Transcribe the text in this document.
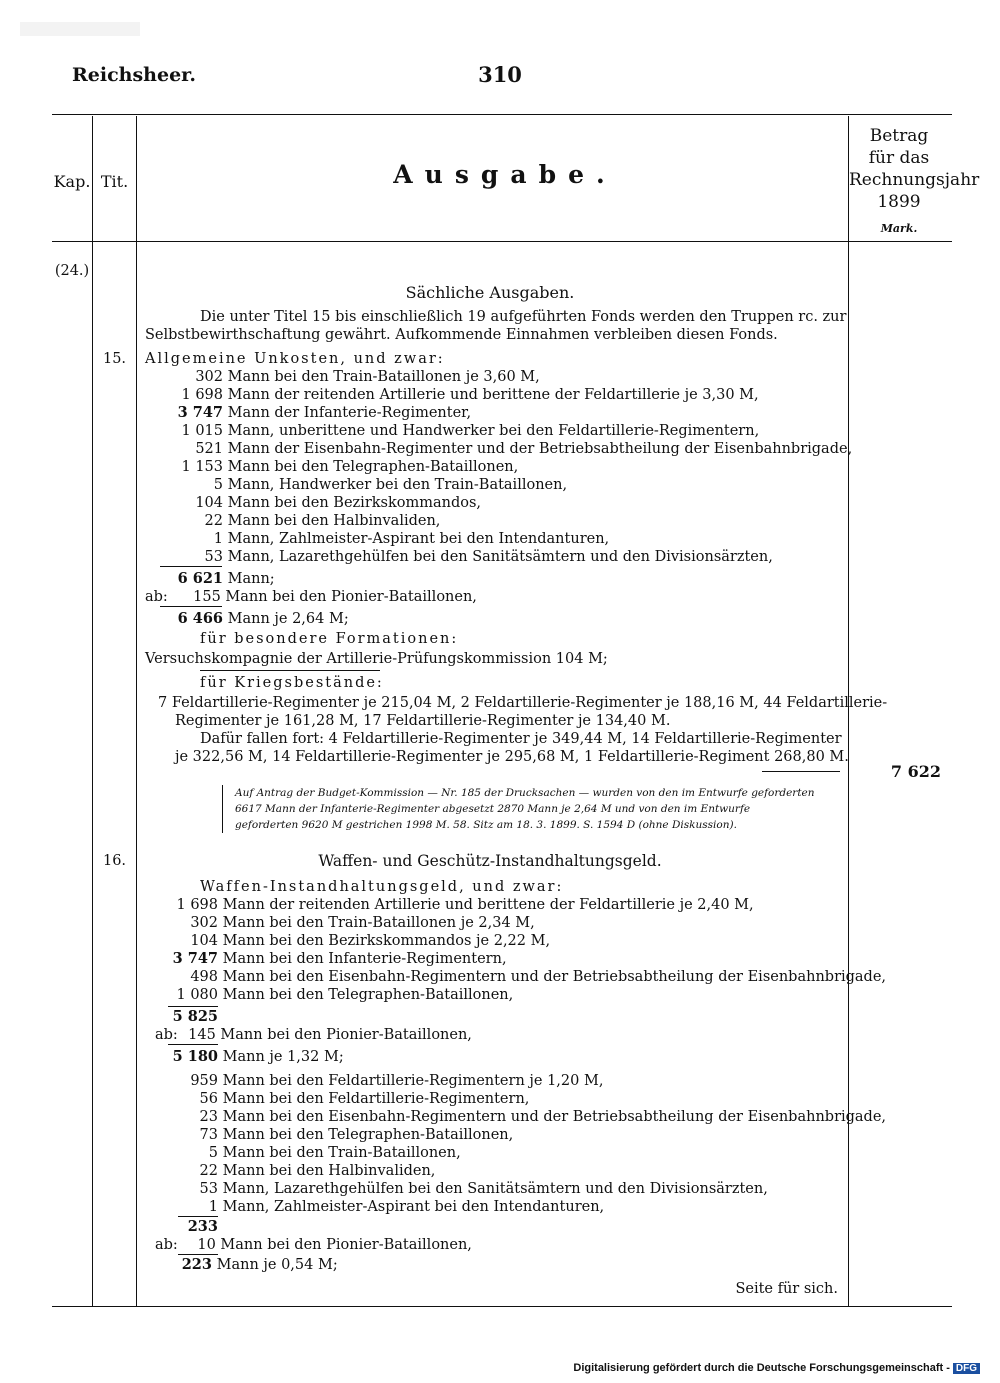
Reichsheer.	310
Kap. Tit.	Ausgabe.
Betrag
für das
Rechnungsjahr
1899
Mark.
(24.)
Sächliche Ausgaben.
Die unter Titel 15 bis einschließlich 19 aufgeführten Fonds werden den Truppen rc. zur
Selbstbewirthschaftung gewährt. Aufkommende Einnahmen verbleiben diesen Fonds.
15.	Allgemeine Unkosten, und zwar:
302 Mann bei den Train-Bataillonen je 3,60 M,
1 698 Mann der reitenden Artillerie und berittene der Feldartillerie je 3,30 M,
3 747 Mann der Infanterie-Regimenter,
1 015 Mann, unberittene und Handwerker bei den Feldartillerie-Regimentern,
521 Mann der Eisenbahn-Regimenter und der Betriebsabtheilung der Eisenbahnbrigade,
1 153 Mann bei den Telegraphen-Bataillonen,
5 Mann, Handwerker bei den Train-Bataillonen,
104 Mann bei den Bezirkskommandos,
22 Mann bei den Halbinvaliden,
1 Mann, Zahlmeister-Aspirant bei den Intendanturen,
53 Mann, Lazarethgehülfen bei den Sanitätsämtern und den Divisionsärzten,
6 621 Mann;
ab: 155 Mann bei den Pionier-Bataillonen,
6 466 Mann je 2,64 M;
für besondere Formationen:
Versuchskompagnie der Artillerie-Prüfungskommission 104 M;
für Kriegsbestände:
7 Feldartillerie-Regimenter je 215,04 M, 2 Feldartillerie-Regimenter je 188,16 M, 44 Feldartillerie-
Regimenter je 161,28 M, 17 Feldartillerie-Regimenter je 134,40 M.
Dafür fallen fort: 4 Feldartillerie-Regimenter je 349,44 M, 14 Feldartillerie-Regimenter
je 322,56 M, 14 Feldartillerie-Regimenter je 295,68 M, 1 Feldartillerie-Regiment 268,80 M.
7 622
Auf Antrag der Budget-Kommission — Nr. 185 der Drucksachen — wurden von den im Entwurfe geforderten
6617 Mann der Infanterie-Regimenter abgesetzt 2870 Mann je 2,64 M und von den im Entwurfe
geforderten 9620 M gestrichen 1998 M. 58. Sitz am 18. 3. 1899. S. 1594 D (ohne Diskussion).
16.	Waffen- und Geschütz-Instandhaltungsgeld.
Waffen-Instandhaltungsgeld, und zwar:
1 698 Mann der reitenden Artillerie und berittene der Feldartillerie je 2,40 M,
302 Mann bei den Train-Bataillonen je 2,34 M,
104 Mann bei den Bezirkskommandos je 2,22 M,
3 747 Mann bei den Infanterie-Regimentern,
498 Mann bei den Eisenbahn-Regimentern und der Betriebsabtheilung der Eisenbahnbrigade,
1 080 Mann bei den Telegraphen-Bataillonen,
5 825
ab: 145 Mann bei den Pionier-Bataillonen,
5 180 Mann je 1,32 M;
959 Mann bei den Feldartillerie-Regimentern je 1,20 M,
56 Mann bei den Feldartillerie-Regimentern,
23 Mann bei den Eisenbahn-Regimentern und der Betriebsabtheilung der Eisenbahnbrigade,
73 Mann bei den Telegraphen-Bataillonen,
5 Mann bei den Train-Bataillonen,
22 Mann bei den Halbinvaliden,
53 Mann, Lazarethgehülfen bei den Sanitätsämtern und den Divisionsärzten,
1 Mann, Zahlmeister-Aspirant bei den Intendanturen,
233
ab: 10 Mann bei den Pionier-Bataillonen,
223 Mann je 0,54 M;
Seite für sich.
Digitalisierung gefördert durch die Deutsche Forschungsgemeinschaft - DFG
